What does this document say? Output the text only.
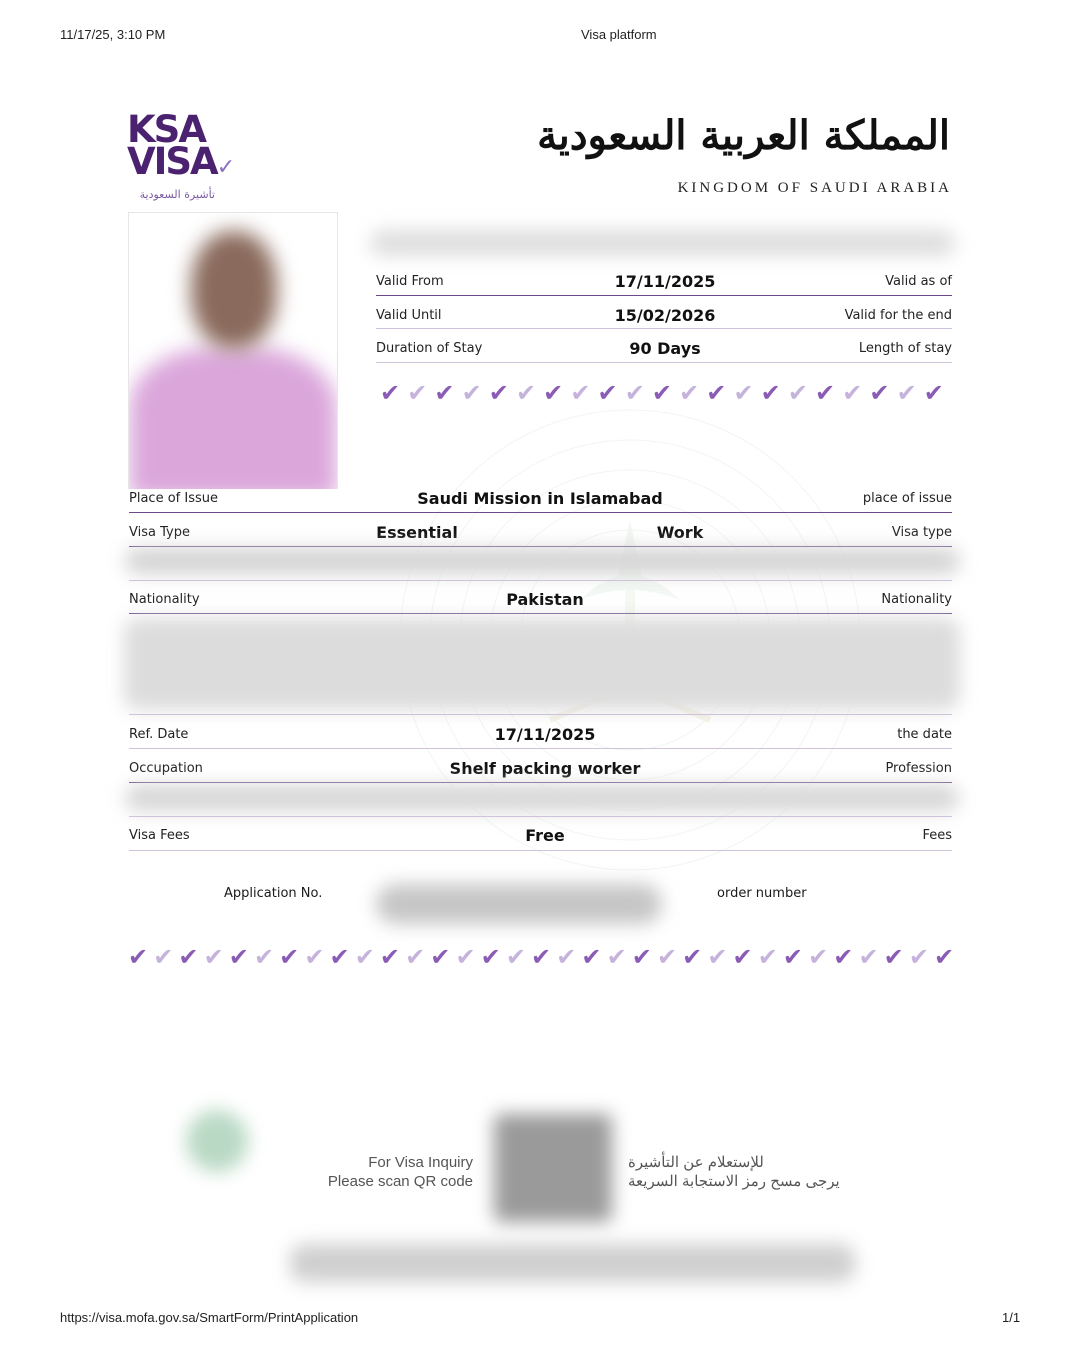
11/17/25, 3:10 PM	Visa platform
https://visa.mofa.gov.sa/SmartForm/PrintApplication	1/1
KSA
VISA✓
تأشيرة السعودية
المملكة العربية السعودية
KINGDOM OF SAUDI ARABIA
Valid From	17/11/2025	Valid as of
Valid Until	15/02/2026	Valid for the end
Duration of Stay	90 Days	Length of stay
✔ ✔ ✔ ✔ ✔ ✔ ✔ ✔ ✔ ✔ ✔ ✔ ✔ ✔ ✔ ✔ ✔ ✔ ✔ ✔ ✔
Place of Issue	Saudi Mission in Islamabad	place of issue
Visa Type	Essential	Work	Visa type
Nationality	Pakistan	Nationality
Ref. Date	17/11/2025	the date
Occupation	Shelf packing worker	Profession
Visa Fees	Free	Fees
Application No.	order number
✔ ✔ ✔ ✔ ✔ ✔ ✔ ✔ ✔ ✔ ✔ ✔ ✔ ✔ ✔ ✔ ✔ ✔ ✔ ✔ ✔ ✔ ✔ ✔ ✔ ✔ ✔ ✔ ✔ ✔ ✔ ✔ ✔
For Visa Inquiry
Please scan QR code
للإستعلام عن التأشيرة
يرجى مسح رمز الاستجابة السريعة
